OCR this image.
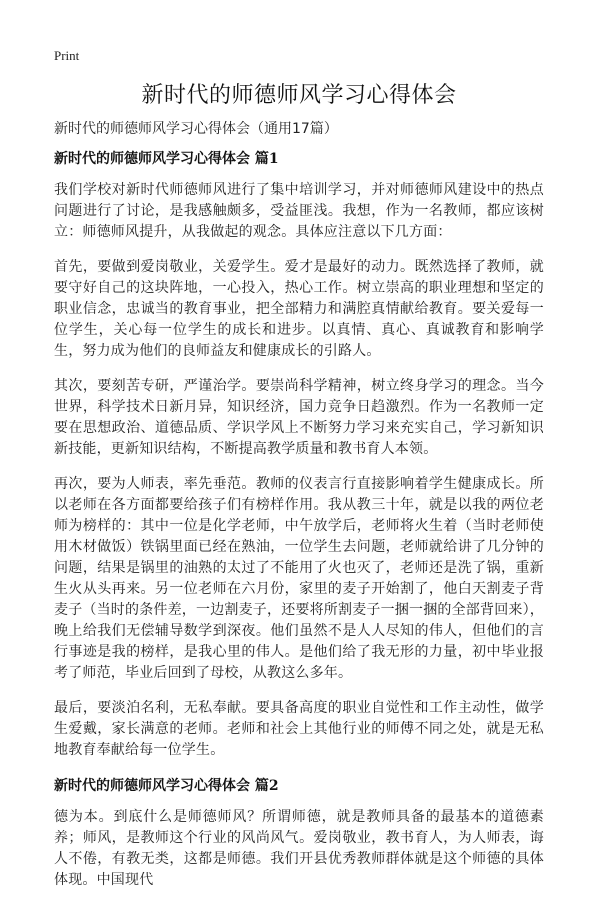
Print
新时代的师德师风学习心得体会
新时代的师德师风学习心得体会（通用17篇）
新时代的师德师风学习心得体会 篇1

我们学校对新时代师德师风进行了集中培训学习，并对师德师风建设中的热点问题进行了讨论，是我感触颇多，受益匪浅。我想，作为一名教师，都应该树立：师德师风提升，从我做起的观念。具体应注意以下几方面：

首先，要做到爱岗敬业，关爱学生。爱才是最好的动力。既然选择了教师，就要守好自己的这块阵地，一心投入，热心工作。树立崇高的职业理想和坚定的职业信念，忠诚当的教育事业，把全部精力和满腔真情献给教育。要关爱每一位学生，关心每一位学生的成长和进步。以真情、真心、真诚教育和影响学生，努力成为他们的良师益友和健康成长的引路人。

其次，要刻苦专研，严谨治学。要崇尚科学精神，树立终身学习的理念。当今世界，科学技术日新月异，知识经济，国力竞争日趋激烈。作为一名教师一定要在思想政治、道德品质、学识学风上不断努力学习来充实自己，学习新知识新技能，更新知识结构，不断提高教学质量和教书育人本领。

再次，要为人师表，率先垂范。教师的仪表言行直接影响着学生健康成长。所以老师在各方面都要给孩子们有榜样作用。我从教三十年，就是以我的两位老师为榜样的：其中一位是化学老师，中午放学后，老师将火生着（当时老师使用木材做饭）铁锅里面已经在熟油，一位学生去问题，老师就给讲了几分钟的问题，结果是锅里的油熟的太过了不能用了火也灭了，老师还是洗了锅，重新生火从头再来。另一位老师在六月份，家里的麦子开始割了，他白天割麦子背麦子（当时的条件差，一边割麦子，还要将所割麦子一捆一捆的全部背回来），晚上给我们无偿辅导数学到深夜。他们虽然不是人人尽知的伟人，但他们的言行事迹是我的榜样，是我心里的伟人。是他们给了我无形的力量，初中毕业报考了师范，毕业后回到了母校，从教这么多年。

最后，要淡泊名利，无私奉献。要具备高度的职业自觉性和工作主动性，做学生爱戴，家长满意的老师。老师和社会上其他行业的师傅不同之处，就是无私地教育奉献给每一位学生。

新时代的师德师风学习心得体会 篇2

德为本。到底什么是师德师风？所谓师德，就是教师具备的最基本的道德素养；师风，是教师这个行业的风尚风气。爱岗敬业，教书育人，为人师表，诲人不倦，有教无类，这都是师德。我们开县优秀教师群体就是这个师德的具体体现。中国现代
